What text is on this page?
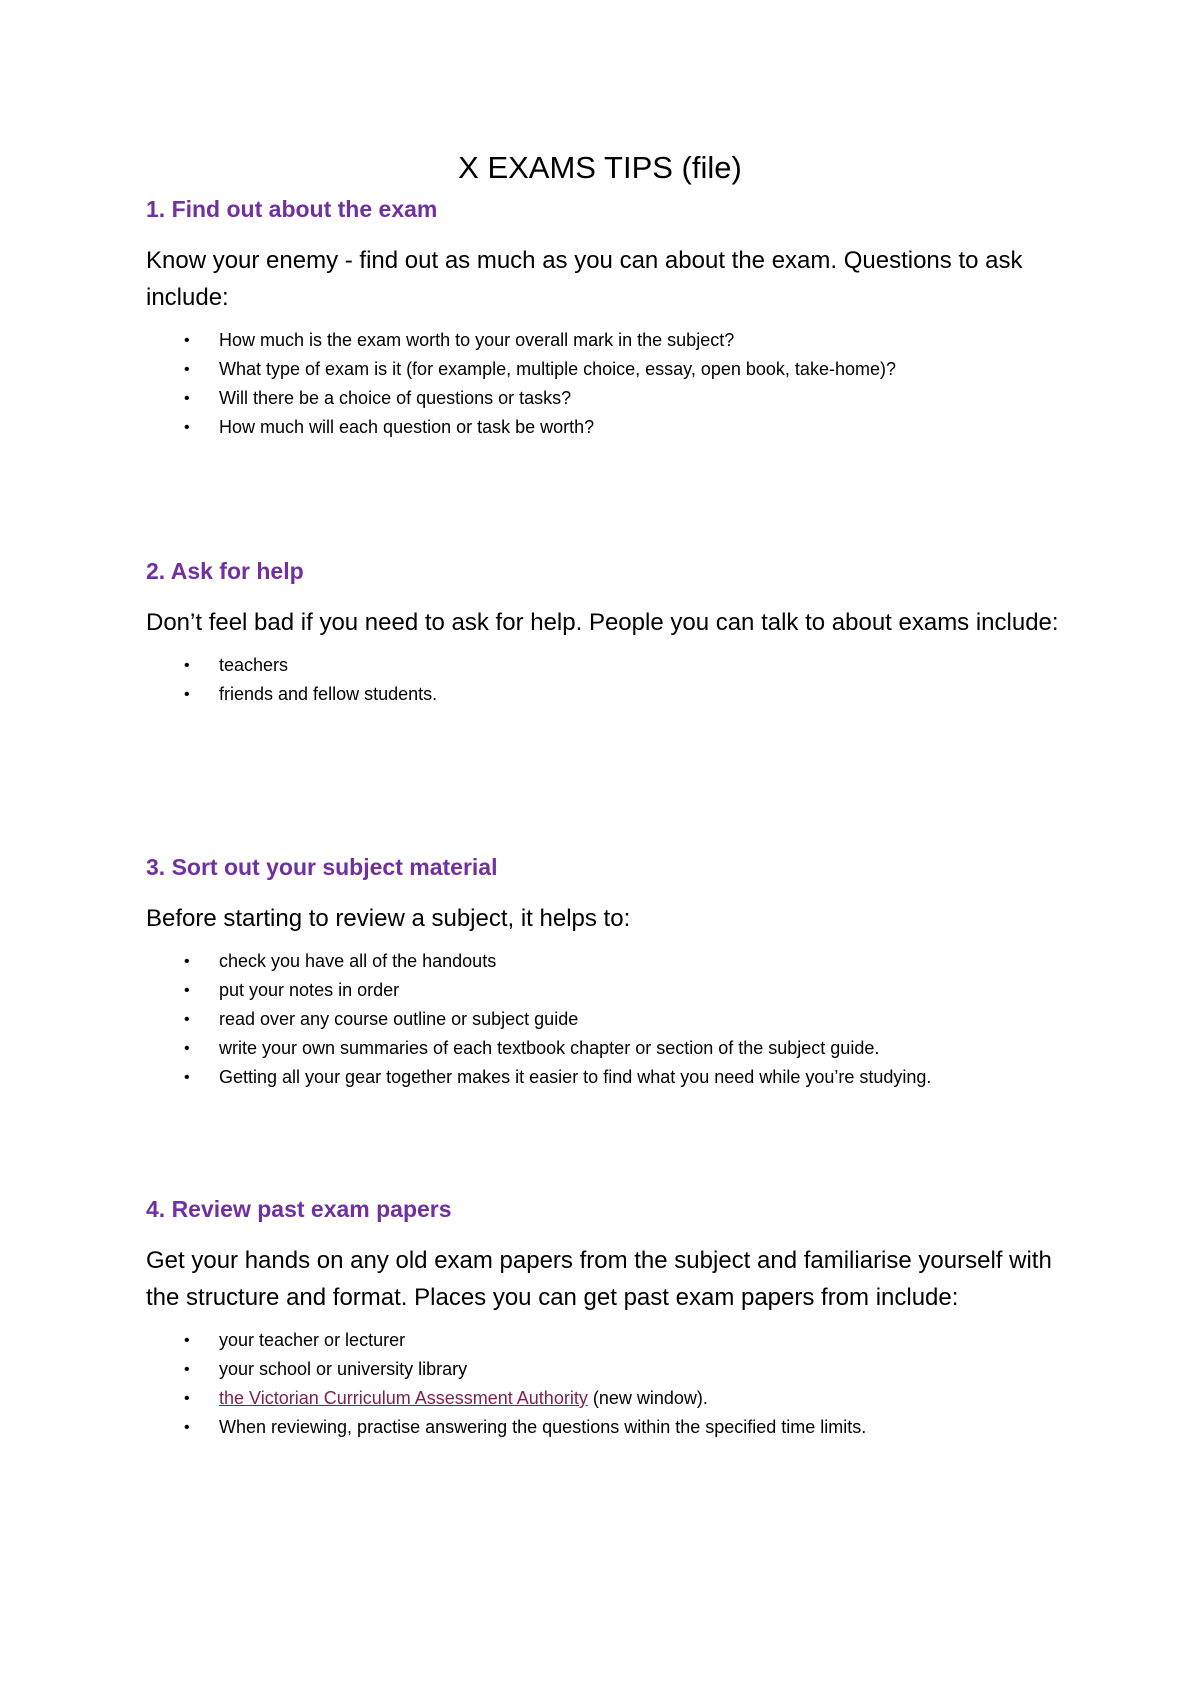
X EXAMS TIPS (file)
1. Find out about the exam

Know your enemy - find out as much as you can about the exam. Questions to ask include:

• How much is the exam worth to your overall mark in the subject?
• What type of exam is it (for example, multiple choice, essay, open book, take-home)?
• Will there be a choice of questions or tasks?
• How much will each question or task be worth?
2. Ask for help

Don’t feel bad if you need to ask for help. People you can talk to about exams include:

• teachers
• friends and fellow students.
3. Sort out your subject material

Before starting to review a subject, it helps to:

• check you have all of the handouts
• put your notes in order
• read over any course outline or subject guide
• write your own summaries of each textbook chapter or section of the subject guide.
• Getting all your gear together makes it easier to find what you need while you’re studying.
4. Review past exam papers

Get your hands on any old exam papers from the subject and familiarise yourself with the structure and format. Places you can get past exam papers from include:

• your teacher or lecturer
• your school or university library
• the Victorian Curriculum Assessment Authority (new window).
• When reviewing, practise answering the questions within the specified time limits.
